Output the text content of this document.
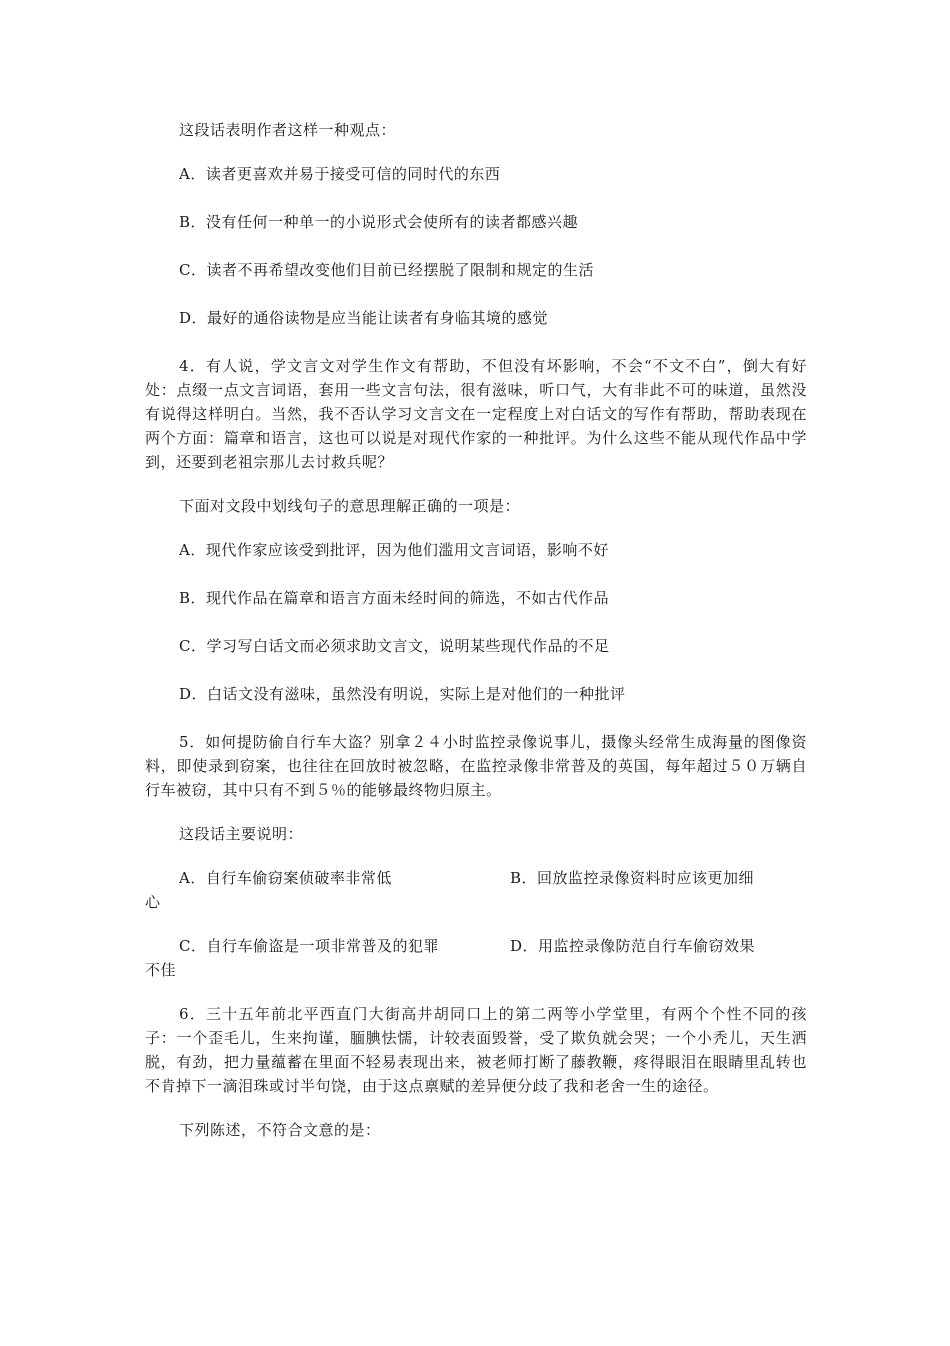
这段话表明作者这样一种观点：

A．读者更喜欢并易于接受可信的同时代的东西

B．没有任何一种单一的小说形式会使所有的读者都感兴趣

C．读者不再希望改变他们目前已经摆脱了限制和规定的生活

D．最好的通俗读物是应当能让读者有身临其境的感觉

4．有人说，学文言文对学生作文有帮助，不但没有坏影响，不会“不文不白”，倒大有好处：点缀一点文言词语，套用一些文言句法，很有滋味，听口气，大有非此不可的味道，虽然没有说得这样明白。当然，我不否认学习文言文在一定程度上对白话文的写作有帮助，帮助表现在两个方面：篇章和语言，这也可以说是对现代作家的一种批评。为什么这些不能从现代作品中学到，还要到老祖宗那儿去讨救兵呢？

下面对文段中划线句子的意思理解正确的一项是：

A．现代作家应该受到批评，因为他们滥用文言词语，影响不好

B．现代作品在篇章和语言方面未经时间的筛选，不如古代作品

C．学习写白话文而必须求助文言文，说明某些现代作品的不足

D．白话文没有滋味，虽然没有明说，实际上是对他们的一种批评

5．如何提防偷自行车大盗？别拿２４小时监控录像说事儿，摄像头经常生成海量的图像资料，即使录到窃案，也往往在回放时被忽略，在监控录像非常普及的英国，每年超过５０万辆自行车被窃，其中只有不到５％的能够最终物归原主。

这段话主要说明：

A．自行车偷窃案侦破率非常低	B．回放监控录像资料时应该更加细
心
C．自行车偷盗是一项非常普及的犯罪	D．用监控录像防范自行车偷窃效果
不佳

6．三十五年前北平西直门大街高井胡同口上的第二两等小学堂里，有两个个性不同的孩子：一个歪毛儿，生来拘谨，腼腆怯懦，计较表面毁誉，受了欺负就会哭；一个小秃儿，天生洒脱，有劲，把力量蕴蓄在里面不轻易表现出来，被老师打断了藤教鞭，疼得眼泪在眼睛里乱转也不肯掉下一滴泪珠或讨半句饶，由于这点禀赋的差异便分歧了我和老舍一生的途径。

下列陈述，不符合文意的是：
